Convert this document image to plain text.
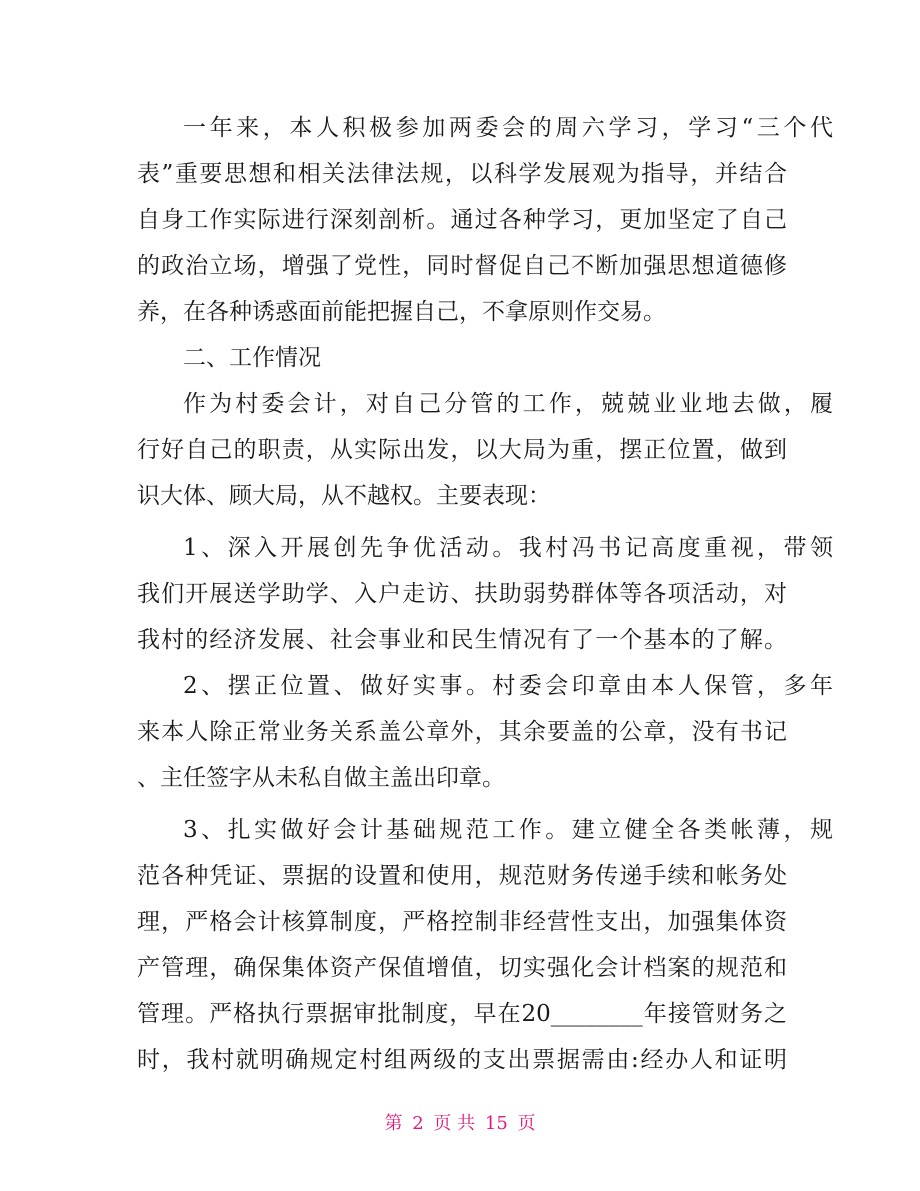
一年来，本人积极参加两委会的周六学习，学习“三个代
表”重要思想和相关法律法规，以科学发展观为指导，并结合
自身工作实际进行深刻剖析。通过各种学习，更加坚定了自己
的政治立场，增强了党性，同时督促自己不断加强思想道德修
养，在各种诱惑面前能把握自己，不拿原则作交易。
二、工作情况
作为村委会计，对自己分管的工作，兢兢业业地去做，履
行好自己的职责，从实际出发，以大局为重，摆正位置，做到
识大体、顾大局，从不越权。主要表现：
1、深入开展创先争优活动。我村冯书记高度重视，带领
我们开展送学助学、入户走访、扶助弱势群体等各项活动，对
我村的经济发展、社会事业和民生情况有了一个基本的了解。
2、摆正位置、做好实事。村委会印章由本人保管，多年
来本人除正常业务关系盖公章外，其余要盖的公章，没有书记
、主任签字从未私自做主盖出印章。
3、扎实做好会计基础规范工作。建立健全各类帐薄，规
范各种凭证、票据的设置和使用，规范财务传递手续和帐务处
理，严格会计核算制度，严格控制非经营性支出，加强集体资
产管理，确保集体资产保值增值，切实强化会计档案的规范和
管理。严格执行票据审批制度，早在20________年接管财务之
时，我村就明确规定村组两级的支出票据需由:经办人和证明
第 2 页 共 15 页
